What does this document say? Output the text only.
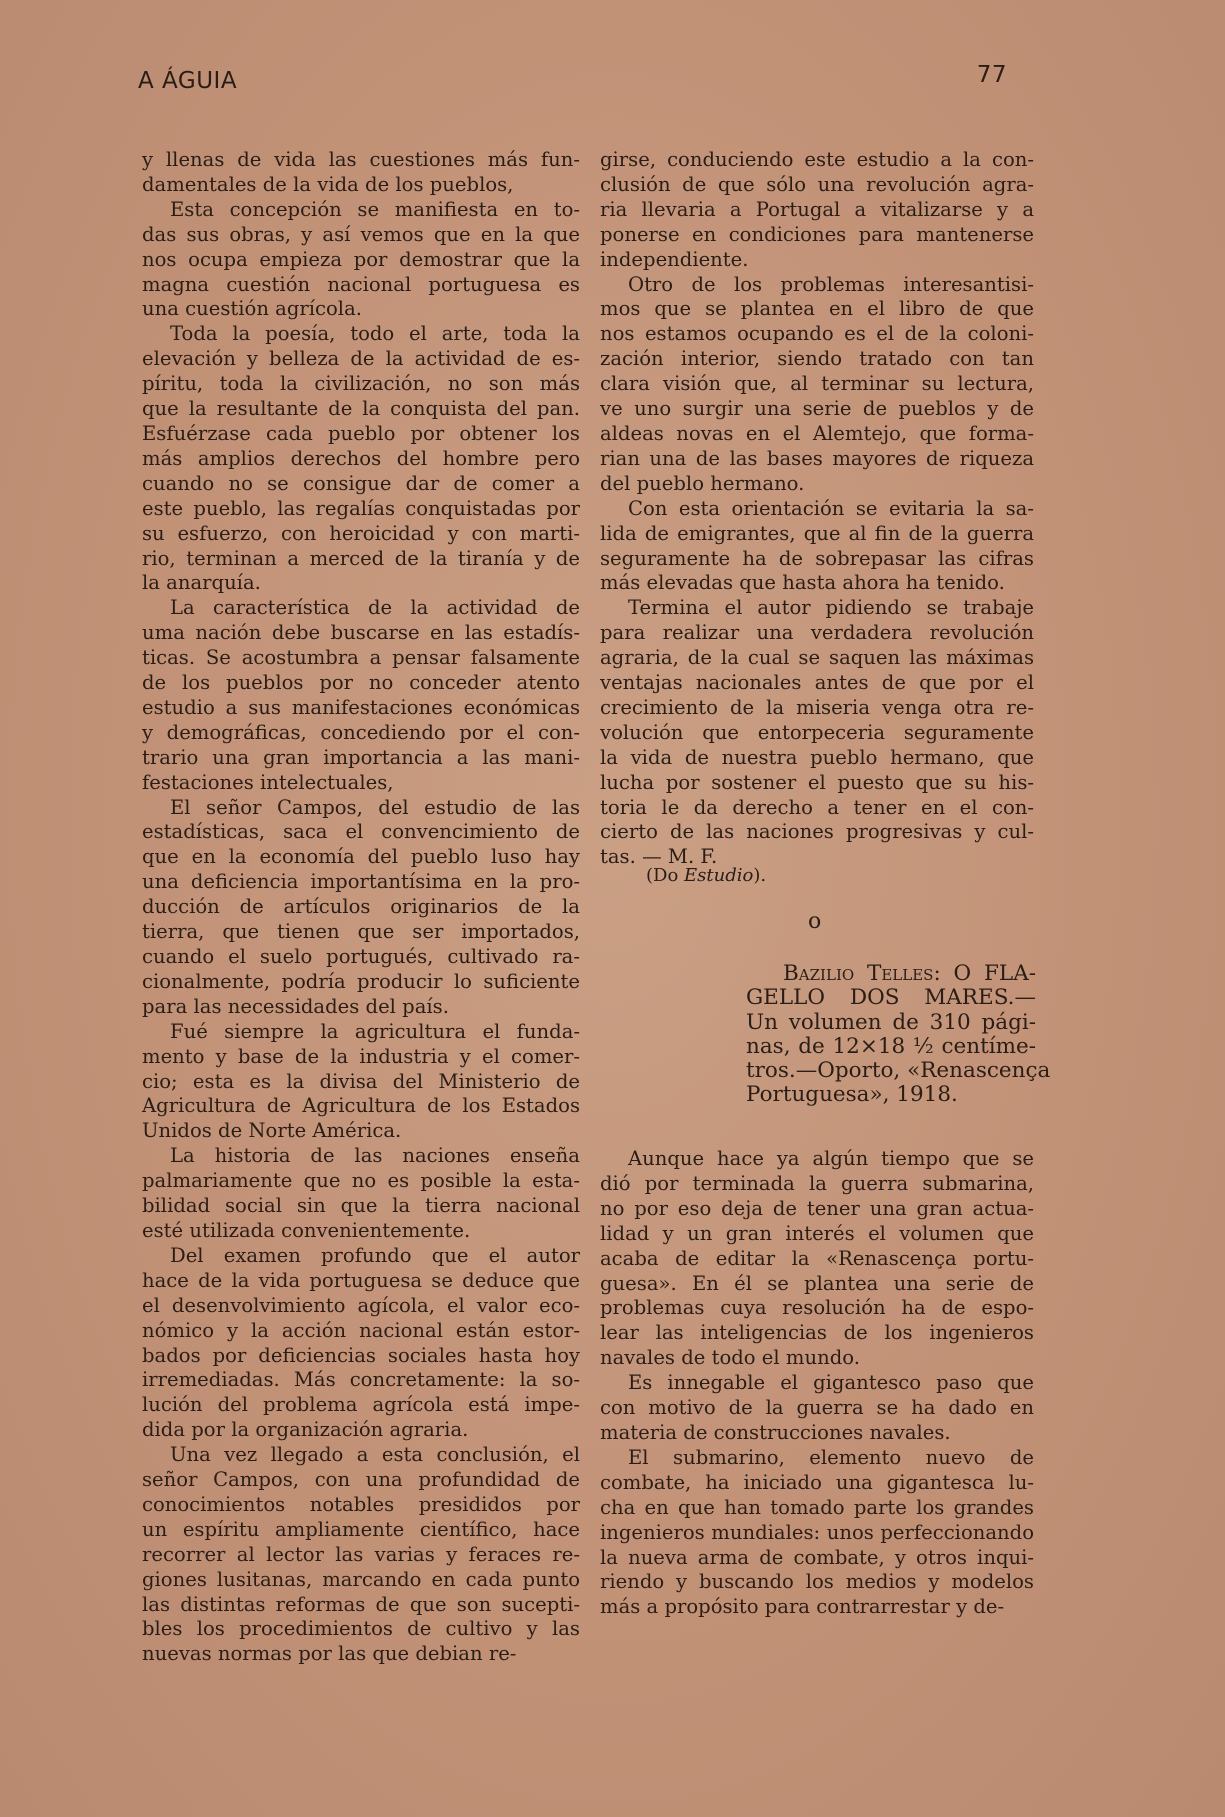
A ÁGUIA	77
y llenas de vida las cuestiones más fun-
damentales de la vida de los pueblos,
Esta concepción se manifiesta en to-
das sus obras, y así vemos que en la que
nos ocupa empieza por demostrar que la
magna cuestión nacional portuguesa es
una cuestión agrícola.
Toda la poesía, todo el arte, toda la
elevación y belleza de la actividad de es-
píritu, toda la civilización, no son más
que la resultante de la conquista del pan.
Esfuérzase cada pueblo por obtener los
más amplios derechos del hombre pero
cuando no se consigue dar de comer a
este pueblo, las regalías conquistadas por
su esfuerzo, con heroicidad y con marti-
rio, terminan a merced de la tiranía y de
la anarquía.
La característica de la actividad de
uma nación debe buscarse en las estadís-
ticas. Se acostumbra a pensar falsamente
de los pueblos por no conceder atento
estudio a sus manifestaciones económicas
y demográficas, concediendo por el con-
trario una gran importancia a las mani-
festaciones intelectuales,
El señor Campos, del estudio de las
estadísticas, saca el convencimiento de
que en la economía del pueblo luso hay
una deficiencia importantísima en la pro-
ducción de artículos originarios de la
tierra, que tienen que ser importados,
cuando el suelo portugués, cultivado ra-
cionalmente, podría producir lo suficiente
para las necessidades del país.
Fué siempre la agricultura el funda-
mento y base de la industria y el comer-
cio; esta es la divisa del Ministerio de
Agricultura de Agricultura de los Estados
Unidos de Norte América.
La historia de las naciones enseña
palmariamente que no es posible la esta-
bilidad social sin que la tierra nacional
esté utilizada convenientemente.
Del examen profundo que el autor
hace de la vida portuguesa se deduce que
el desenvolvimiento agícola, el valor eco-
nómico y la acción nacional están estor-
bados por deficiencias sociales hasta hoy
irremediadas. Más concretamente: la so-
lución del problema agrícola está impe-
dida por la organización agraria.
Una vez llegado a esta conclusión, el
señor Campos, con una profundidad de
conocimientos notables presididos por
un espíritu ampliamente científico, hace
recorrer al lector las varias y feraces re-
giones lusitanas, marcando en cada punto
las distintas reformas de que son sucepti-
bles los procedimientos de cultivo y las
nuevas normas por las que debian re-
girse, conduciendo este estudio a la con-
clusión de que sólo una revolución agra-
ria llevaria a Portugal a vitalizarse y a
ponerse en condiciones para mantenerse
independiente.
Otro de los problemas interesantisi-
mos que se plantea en el libro de que
nos estamos ocupando es el de la coloni-
zación interior, siendo tratado con tan
clara visión que, al terminar su lectura,
ve uno surgir una serie de pueblos y de
aldeas novas en el Alemtejo, que forma-
rian una de las bases mayores de riqueza
del pueblo hermano.
Con esta orientación se evitaria la sa-
lida de emigrantes, que al fin de la guerra
seguramente ha de sobrepasar las cifras
más elevadas que hasta ahora ha tenido.
Termina el autor pidiendo se trabaje
para realizar una verdadera revolución
agraria, de la cual se saquen las máximas
ventajas nacionales antes de que por el
crecimiento de la miseria venga otra re-
volución que entorpeceria seguramente
la vida de nuestra pueblo hermano, que
lucha por sostener el puesto que su his-
toria le da derecho a tener en el con-
cierto de las naciones progresivas y cul-
tas. — M. F.
(Do Estudio).
o
Bazilio Telles: O FLA-
GELLO DOS MARES.—
Un volumen de 310 pági-
nas, de 12×18 ½ centíme-
tros.—Oporto, «Renascença
Portuguesa», 1918.
Aunque hace ya algún tiempo que se
dió por terminada la guerra submarina,
no por eso deja de tener una gran actua-
lidad y un gran interés el volumen que
acaba de editar la «Renascença portu-
guesa». En él se plantea una serie de
problemas cuya resolución ha de espo-
lear las inteligencias de los ingenieros
navales de todo el mundo.
Es innegable el gigantesco paso que
con motivo de la guerra se ha dado en
materia de construcciones navales.
El submarino, elemento nuevo de
combate, ha iniciado una gigantesca lu-
cha en que han tomado parte los grandes
ingenieros mundiales: unos perfeccionando
la nueva arma de combate, y otros inqui-
riendo y buscando los medios y modelos
más a propósito para contrarrestar y de-
